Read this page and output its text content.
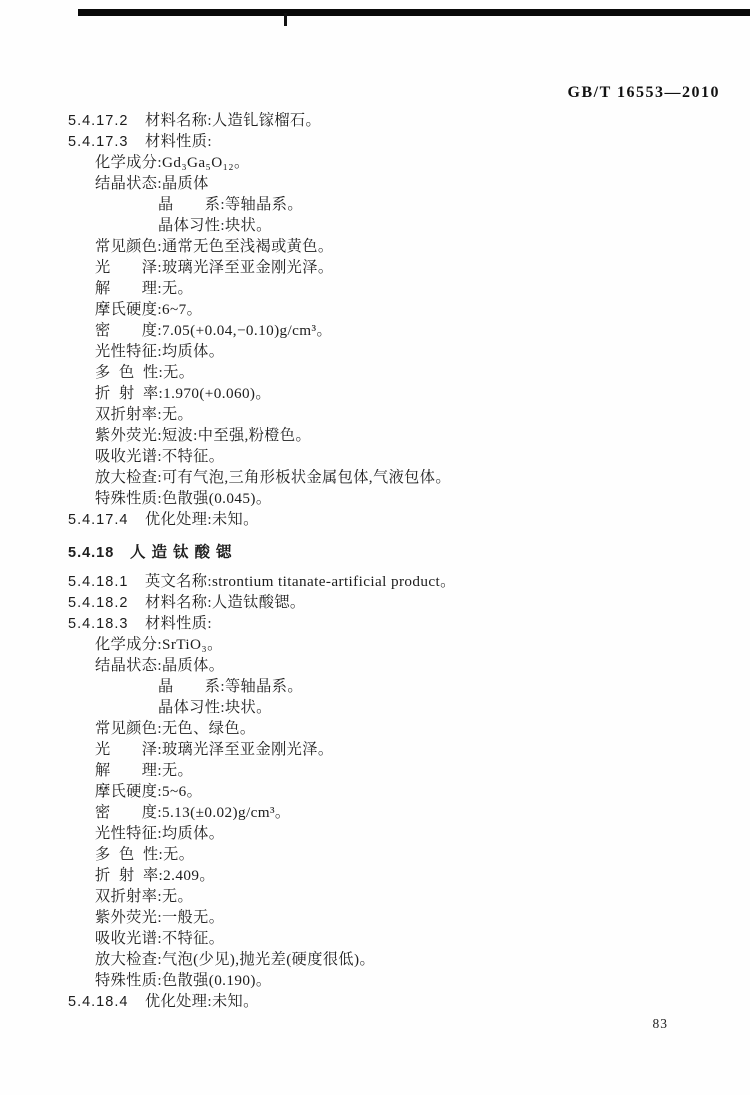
GB/T 16553—2010
5.4.17.2 材料名称:人造钆镓榴石。
5.4.17.3 材料性质:
化学成分:Gd₃Ga₅O₁₂。
结晶状态:晶质体
晶　　系:等轴晶系。
晶体习性:块状。
常见颜色:通常无色至浅褐或黄色。
光　　泽:玻璃光泽至亚金刚光泽。
解　　理:无。
摩氏硬度:6~7。
密　　度:7.05(+0.04,−0.10)g/cm³。
光性特征:均质体。
多  色  性:无。
折  射  率:1.970(+0.060)。
双折射率:无。
紫外荧光:短波:中至强,粉橙色。
吸收光谱:不特征。
放大检查:可有气泡,三角形板状金属包体,气液包体。
特殊性质:色散强(0.045)。
5.4.17.4 优化处理:未知。
5.4.18 人造钛酸锶
5.4.18.1 英文名称:strontium titanate-artificial product。
5.4.18.2 材料名称:人造钛酸锶。
5.4.18.3 材料性质:
化学成分:SrTiO₃。
结晶状态:晶质体。
晶　　系:等轴晶系。
晶体习性:块状。
常见颜色:无色、绿色。
光　　泽:玻璃光泽至亚金刚光泽。
解　　理:无。
摩氏硬度:5~6。
密　　度:5.13(±0.02)g/cm³。
光性特征:均质体。
多  色  性:无。
折  射  率:2.409。
双折射率:无。
紫外荧光:一般无。
吸收光谱:不特征。
放大检查:气泡(少见),抛光差(硬度很低)。
特殊性质:色散强(0.190)。
5.4.18.4 优化处理:未知。
83
